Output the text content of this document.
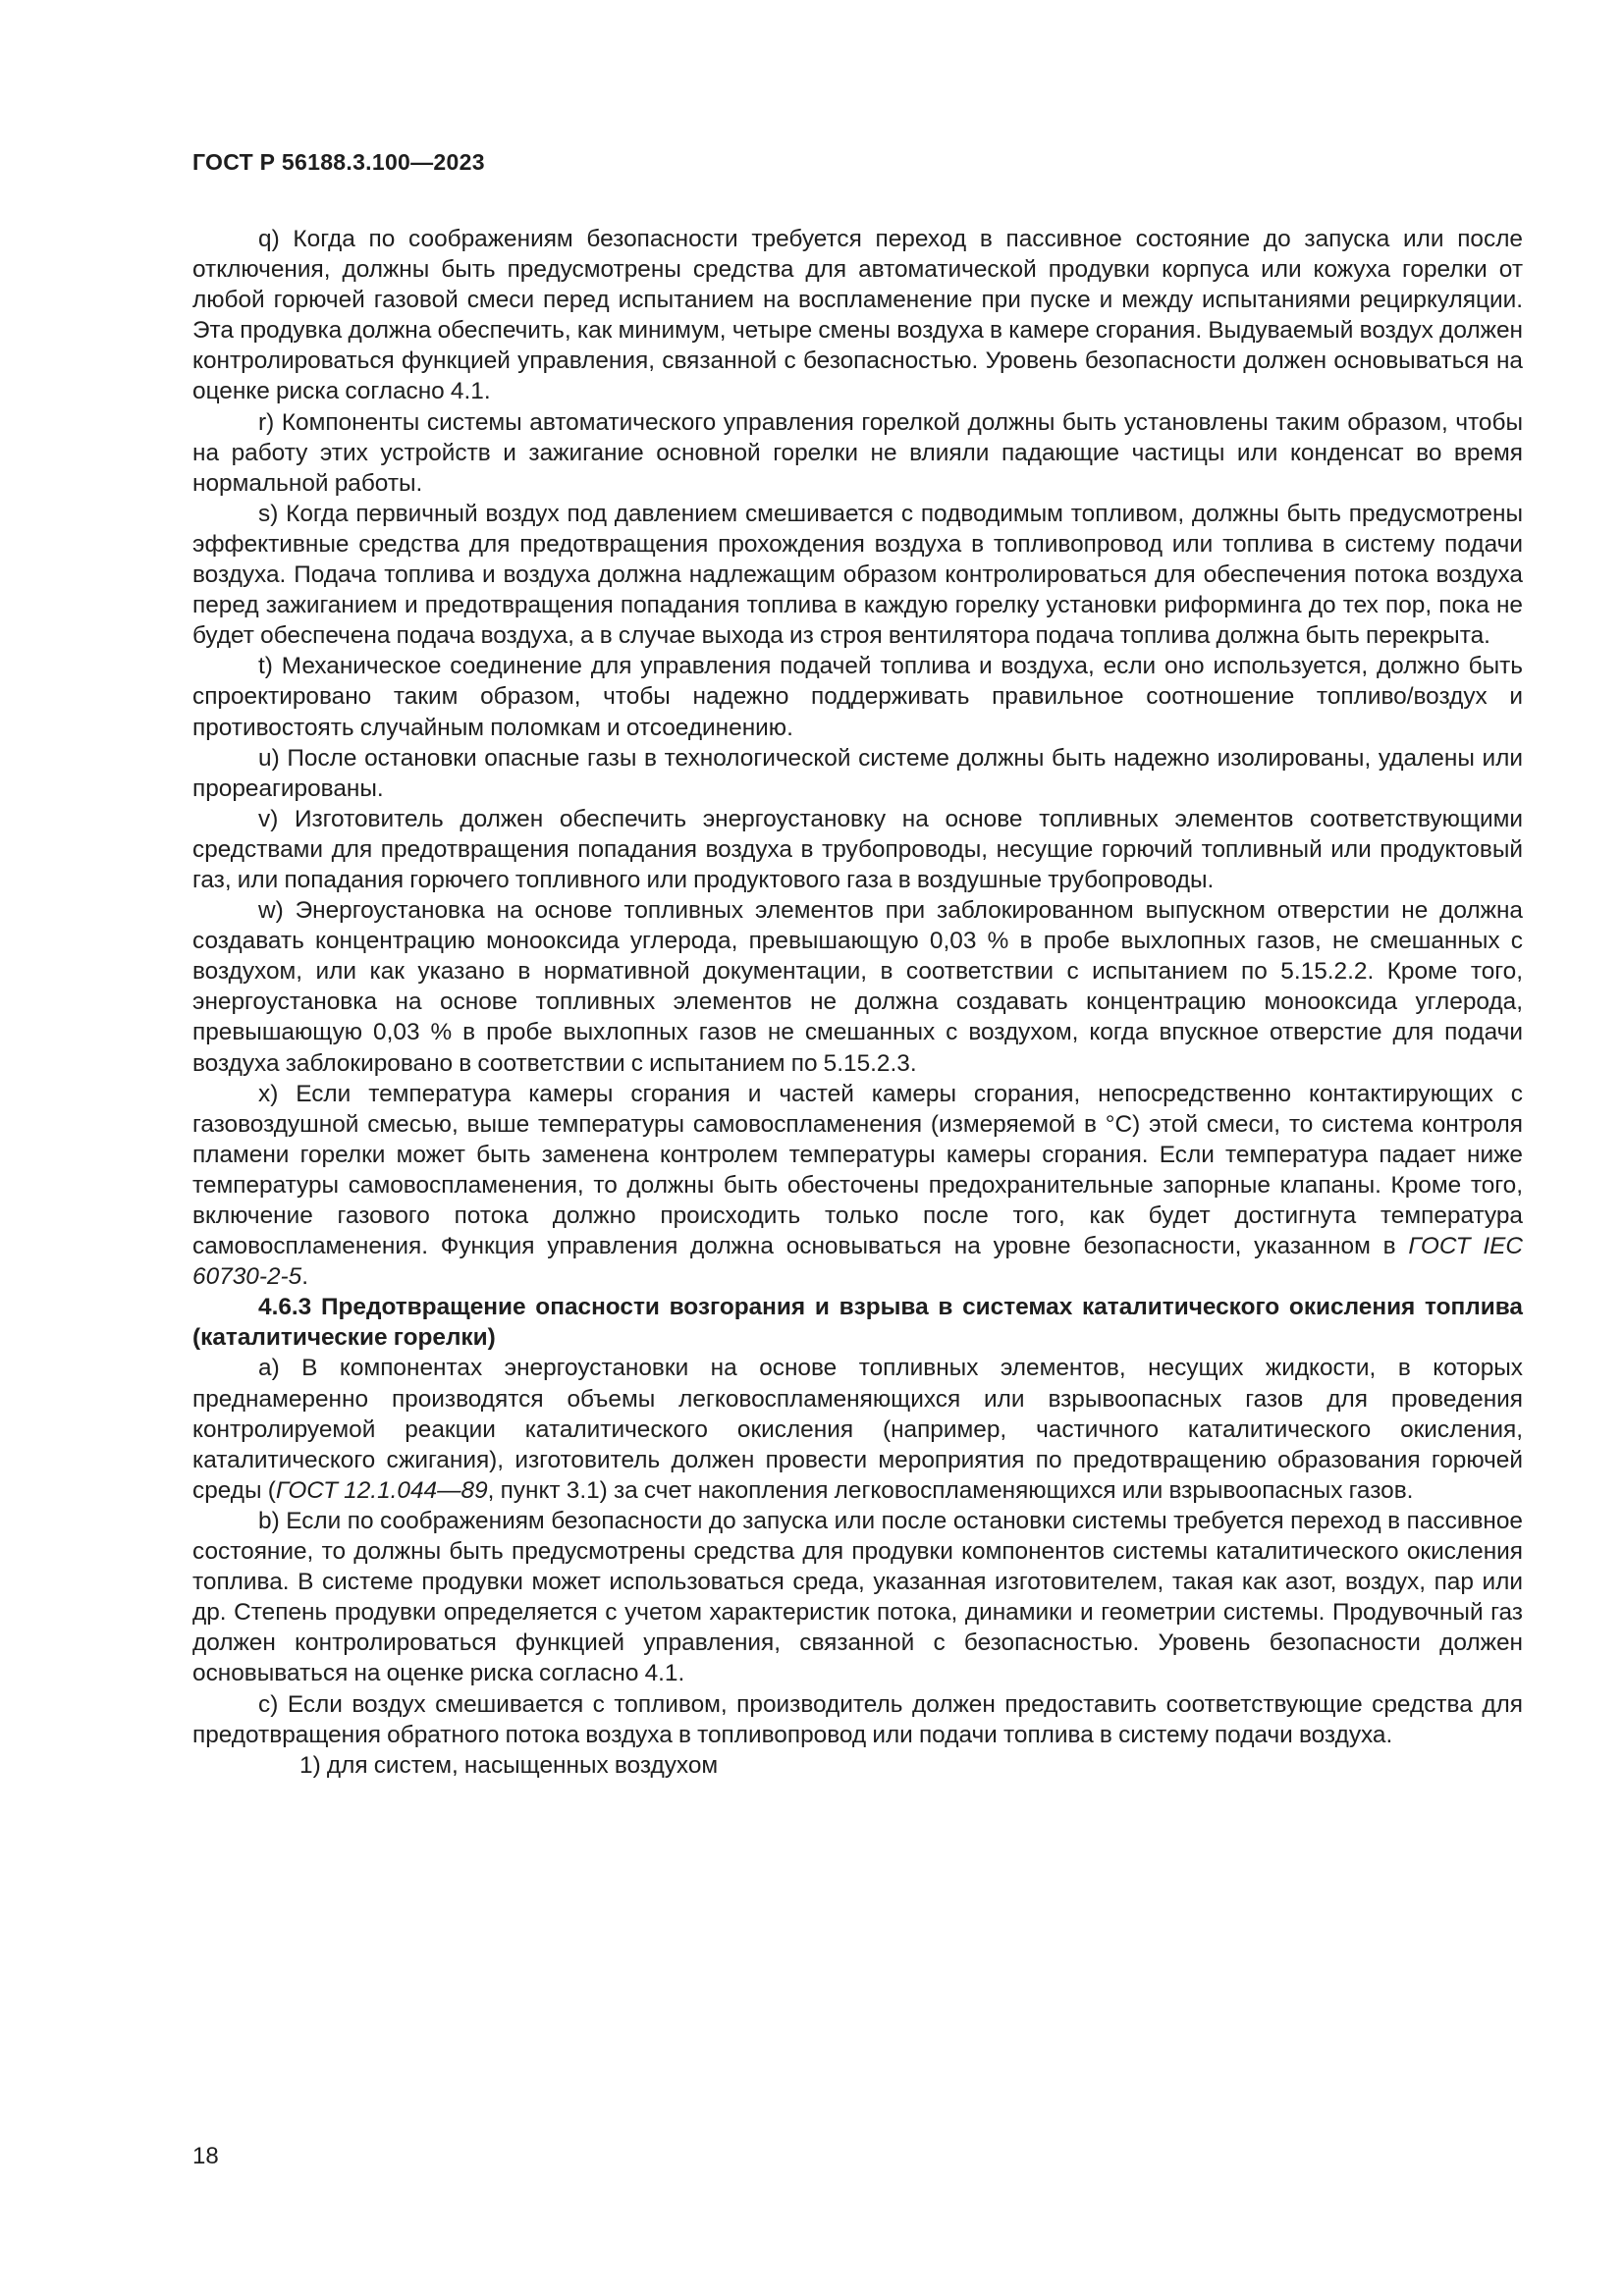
ГОСТ Р 56188.3.100—2023

q) Когда по соображениям безопасности требуется переход в пассивное состояние до запуска или после отключения, должны быть предусмотрены средства для автоматической продувки корпуса или кожуха горелки от любой горючей газовой смеси перед испытанием на воспламенение при пуске и между испытаниями рециркуляции. Эта продувка должна обеспечить, как минимум, четыре смены воздуха в камере сгорания. Выдуваемый воздух должен контролироваться функцией управления, связанной с безопасностью. Уровень безопасности должен основываться на оценке риска согласно 4.1.

r) Компоненты системы автоматического управления горелкой должны быть установлены таким образом, чтобы на работу этих устройств и зажигание основной горелки не влияли падающие частицы или конденсат во время нормальной работы.

s) Когда первичный воздух под давлением смешивается с подводимым топливом, должны быть предусмотрены эффективные средства для предотвращения прохождения воздуха в топливопровод или топлива в систему подачи воздуха. Подача топлива и воздуха должна надлежащим образом контролироваться для обеспечения потока воздуха перед зажиганием и предотвращения попадания топлива в каждую горелку установки риформинга до тех пор, пока не будет обеспечена подача воздуха, а в случае выхода из строя вентилятора подача топлива должна быть перекрыта.

t) Механическое соединение для управления подачей топлива и воздуха, если оно используется, должно быть спроектировано таким образом, чтобы надежно поддерживать правильное соотношение топливо/воздух и противостоять случайным поломкам и отсоединению.

u) После остановки опасные газы в технологической системе должны быть надежно изолированы, удалены или прореагированы.

v) Изготовитель должен обеспечить энергоустановку на основе топливных элементов соответствующими средствами для предотвращения попадания воздуха в трубопроводы, несущие горючий топливный или продуктовый газ, или попадания горючего топливного или продуктового газа в воздушные трубопроводы.

w) Энергоустановка на основе топливных элементов при заблокированном выпускном отверстии не должна создавать концентрацию монооксида углерода, превышающую 0,03 % в пробе выхлопных газов, не смешанных с воздухом, или как указано в нормативной документации, в соответствии с испытанием по 5.15.2.2. Кроме того, энергоустановка на основе топливных элементов не должна создавать концентрацию монооксида углерода, превышающую 0,03 % в пробе выхлопных газов не смешанных с воздухом, когда впускное отверстие для подачи воздуха заблокировано в соответствии с испытанием по 5.15.2.3.

x) Если температура камеры сгорания и частей камеры сгорания, непосредственно контактирующих с газовоздушной смесью, выше температуры самовоспламенения (измеряемой в °С) этой смеси, то система контроля пламени горелки может быть заменена контролем температуры камеры сгорания. Если температура падает ниже температуры самовоспламенения, то должны быть обесточены предохранительные запорные клапаны. Кроме того, включение газового потока должно происходить только после того, как будет достигнута температура самовоспламенения. Функция управления должна основываться на уровне безопасности, указанном в ГОСТ IEC 60730-2-5.

4.6.3 Предотвращение опасности возгорания и взрыва в системах каталитического окисления топлива (каталитические горелки)

а) В компонентах энергоустановки на основе топливных элементов, несущих жидкости, в которых преднамеренно производятся объемы легковоспламеняющихся или взрывоопасных газов для проведения контролируемой реакции каталитического окисления (например, частичного каталитического окисления, каталитического сжигания), изготовитель должен провести мероприятия по предотвращению образования горючей среды (ГОСТ 12.1.044—89, пункт 3.1) за счет накопления легковоспламеняющихся или взрывоопасных газов.

b) Если по соображениям безопасности до запуска или после остановки системы требуется переход в пассивное состояние, то должны быть предусмотрены средства для продувки компонентов системы каталитического окисления топлива. В системе продувки может использоваться среда, указанная изготовителем, такая как азот, воздух, пар или др. Степень продувки определяется с учетом характеристик потока, динамики и геометрии системы. Продувочный газ должен контролироваться функцией управления, связанной с безопасностью. Уровень безопасности должен основываться на оценке риска согласно 4.1.

с) Если воздух смешивается с топливом, производитель должен предоставить соответствующие средства для предотвращения обратного потока воздуха в топливопровод или подачи топлива в систему подачи воздуха.

1) для систем, насыщенных воздухом

18
